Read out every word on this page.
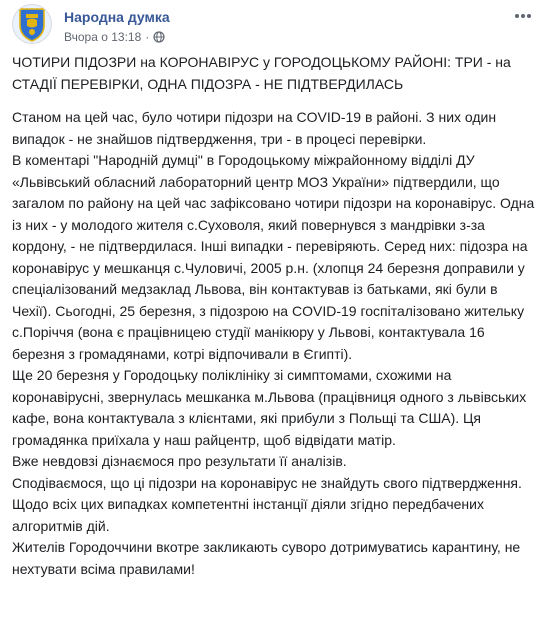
Народна думка
Вчора о 13:18 ·
ЧОТИРИ ПІДОЗРИ на КОРОНАВІРУС у ГОРОДОЦЬКОМУ РАЙОНІ: ТРИ - на СТАДІЇ ПЕРЕВІРКИ, ОДНА ПІДОЗРА - НЕ ПІДТВЕРДИЛАСЬ
Станом на цей час, було чотири підозри на COVID-19 в районі. З них один випадок - не знайшов підтвердження, три - в процесі перевірки.
В коментарі "Народній думці" в Городоцькому міжрайонному відділі ДУ «Львівський обласний лабораторний центр МОЗ України» підтвердили, що загалом по району на цей час зафіксовано чотири підозри на коронавірус. Одна із них - у молодого жителя с.Суховоля, який повернувся з мандрівки з-за кордону, - не підтвердилася. Інші випадки - перевіряють. Серед них: підозра на коронавірус у мешканця с.Чуловичі, 2005 р.н. (хлопця 24 березня доправили у спеціалізований медзаклад Львова, він контактував із батьками, які були в Чехії). Сьогодні, 25 березня, з підозрою на COVID-19 госпіталізовано жительку с.Поріччя (вона є працівницею студії манікюру у Львові, контактувала 16 березня з громадянами, котрі відпочивали в Єгипті).
Ще 20 березня у Городоцьку поліклініку зі симптомами, схожими на коронавірусні, звернулась мешканка м.Львова (працівниця одного з львівських кафе, вона контактувала з клієнтами, які прибули з Польщі та США). Ця громадянка приїхала у наш райцентр, щоб відвідати матір.
Вже невдовзі дізнаємося про результати її аналізів.
Сподіваємося, що ці підозри на коронавірус не знайдуть свого підтвердження.
Щодо всіх цих випадках компетентні інстанції діяли згідно передбачених алгоритмів дій.
Жителів Городоччини вкотре закликають суворо дотримуватись карантину, не нехтувати всіма правилами!
